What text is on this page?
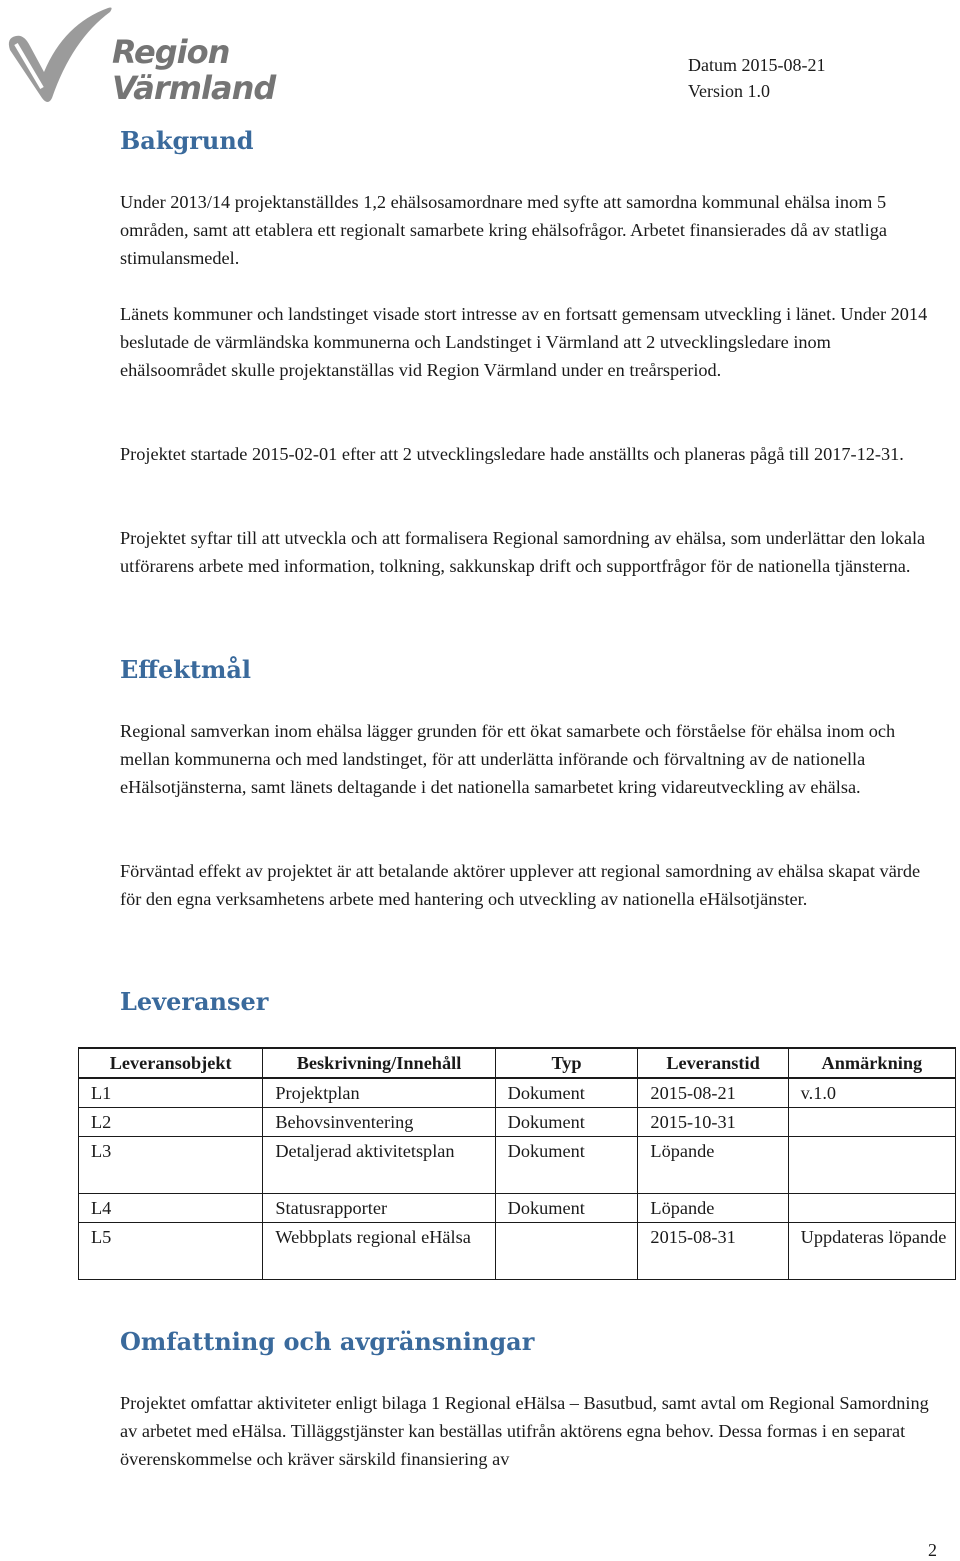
Region
Värmland
Datum 2015-08-21
Version 1.0
Bakgrund

Under 2013/14 projektanställdes 1,2 ehälsosamordnare med syfte att samordna kommunal ehälsa inom 5 områden, samt att etablera ett regionalt samarbete kring ehälsofrågor. Arbetet finansierades då av statliga stimulansmedel.

Länets kommuner och landstinget visade stort intresse av en fortsatt gemensam utveckling i länet. Under 2014 beslutade de värmländska kommunerna och Landstinget i Värmland att 2 utvecklingsledare inom ehälsoområdet skulle projektanställas vid Region Värmland under en treårsperiod.

Projektet startade 2015-02-01 efter att 2 utvecklingsledare hade anställts och planeras pågå till 2017-12-31.

Projektet syftar till att utveckla och att formalisera Regional samordning av ehälsa, som underlättar den lokala utförarens arbete med information, tolkning, sakkunskap drift och supportfrågor för de nationella tjänsterna.

Effektmål

Regional samverkan inom ehälsa lägger grunden för ett ökat samarbete och förståelse för ehälsa inom och mellan kommunerna och med landstinget, för att underlätta införande och förvaltning av de nationella eHälsotjänsterna, samt länets deltagande i det nationella samarbetet kring vidareutveckling av ehälsa.

Förväntad effekt av projektet är att betalande aktörer upplever att regional samordning av ehälsa skapat värde för den egna verksamhetens arbete med hantering och utveckling av nationella eHälsotjänster.

Leveranser
Leveransobjekt	Beskrivning/Innehåll	Typ	Leveranstid	Anmärkning
L1	Projektplan	Dokument	2015-08-21	v.1.0
L2	Behovsinventering	Dokument	2015-10-31	
L3	Detaljerad aktivitetsplan	Dokument	Löpande	
L4	Statusrapporter	Dokument	Löpande	
L5	Webbplats regional eHälsa		2015-08-31	Uppdateras löpande
Omfattning och avgränsningar

Projektet omfattar aktiviteter enligt bilaga 1 Regional eHälsa – Basutbud, samt avtal om Regional Samordning av arbetet med eHälsa. Tilläggstjänster kan beställas utifrån aktörens egna behov. Dessa formas i en separat överenskommelse och kräver särskild finansiering av

2
